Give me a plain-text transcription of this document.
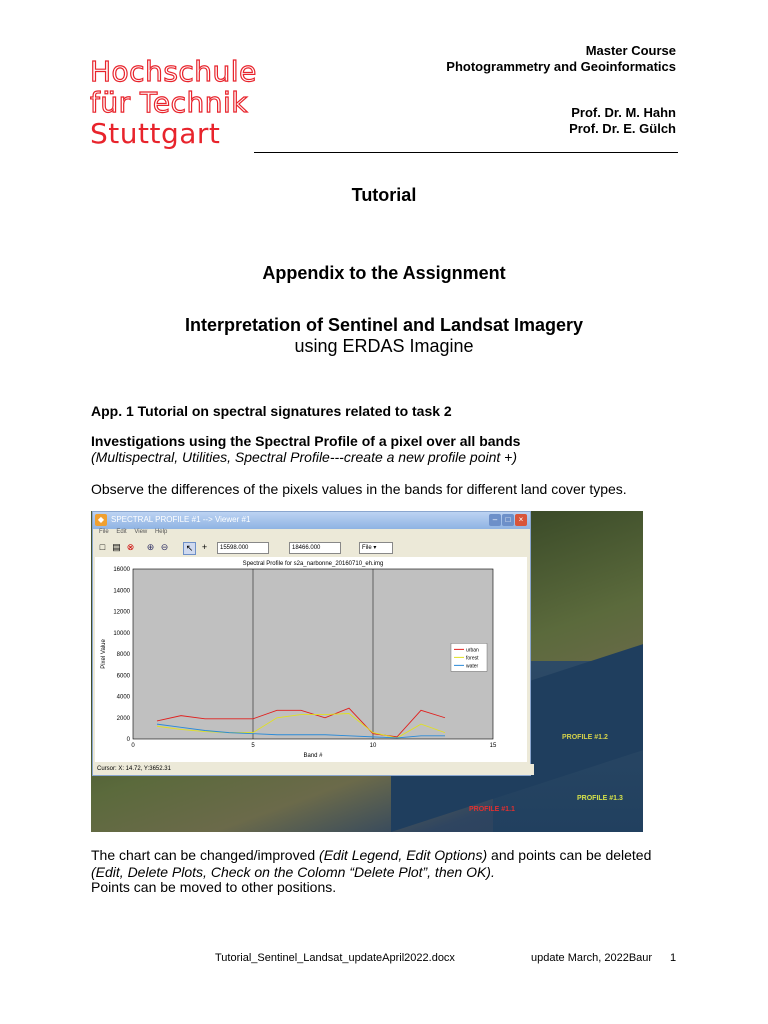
Hochschule
für Technik
Stuttgart
Master Course
Photogrammetry and Geoinformatics
Prof. Dr. M. Hahn
Prof. Dr. E. Gülch
Tutorial
Appendix to the Assignment
Interpretation of Sentinel and Landsat Imagery
using ERDAS Imagine
App. 1 Tutorial on spectral signatures related to task 2
Investigations using the Spectral Profile of a pixel over all bands
(Multispectral, Utilities, Spectral Profile---create a new profile point +)
Observe the differences of the pixels values in the bands for different land cover types.
PROFILE #1.2
PROFILE #1.3
PROFILE #1.1
SPECTRAL PROFILE #1 --> Viewer #1
◆	–	□	×
File Edit View Help
□ ▤ ⊗ ⊕ ⊖	↖ +	15598.000	18466.000	File ▾
Spectral Profile for s2a_narbonne_20160710_eh.img
0	5	10	15
0
2000
4000
6000
8000
10000
12000
14000
16000
Band #
Pixel Value	urban
forest
water
Cursor: X: 14.72, Y:3652.31
The chart can be changed/improved (Edit Legend, Edit Options) and points can be deleted
(Edit, Delete Plots, Check on the Colomn “Delete Plot”, then OK).
Points can be moved to other positions.
Tutorial_Sentinel_Landsat_updateApril2022.docx	update March, 2022Baur 1
